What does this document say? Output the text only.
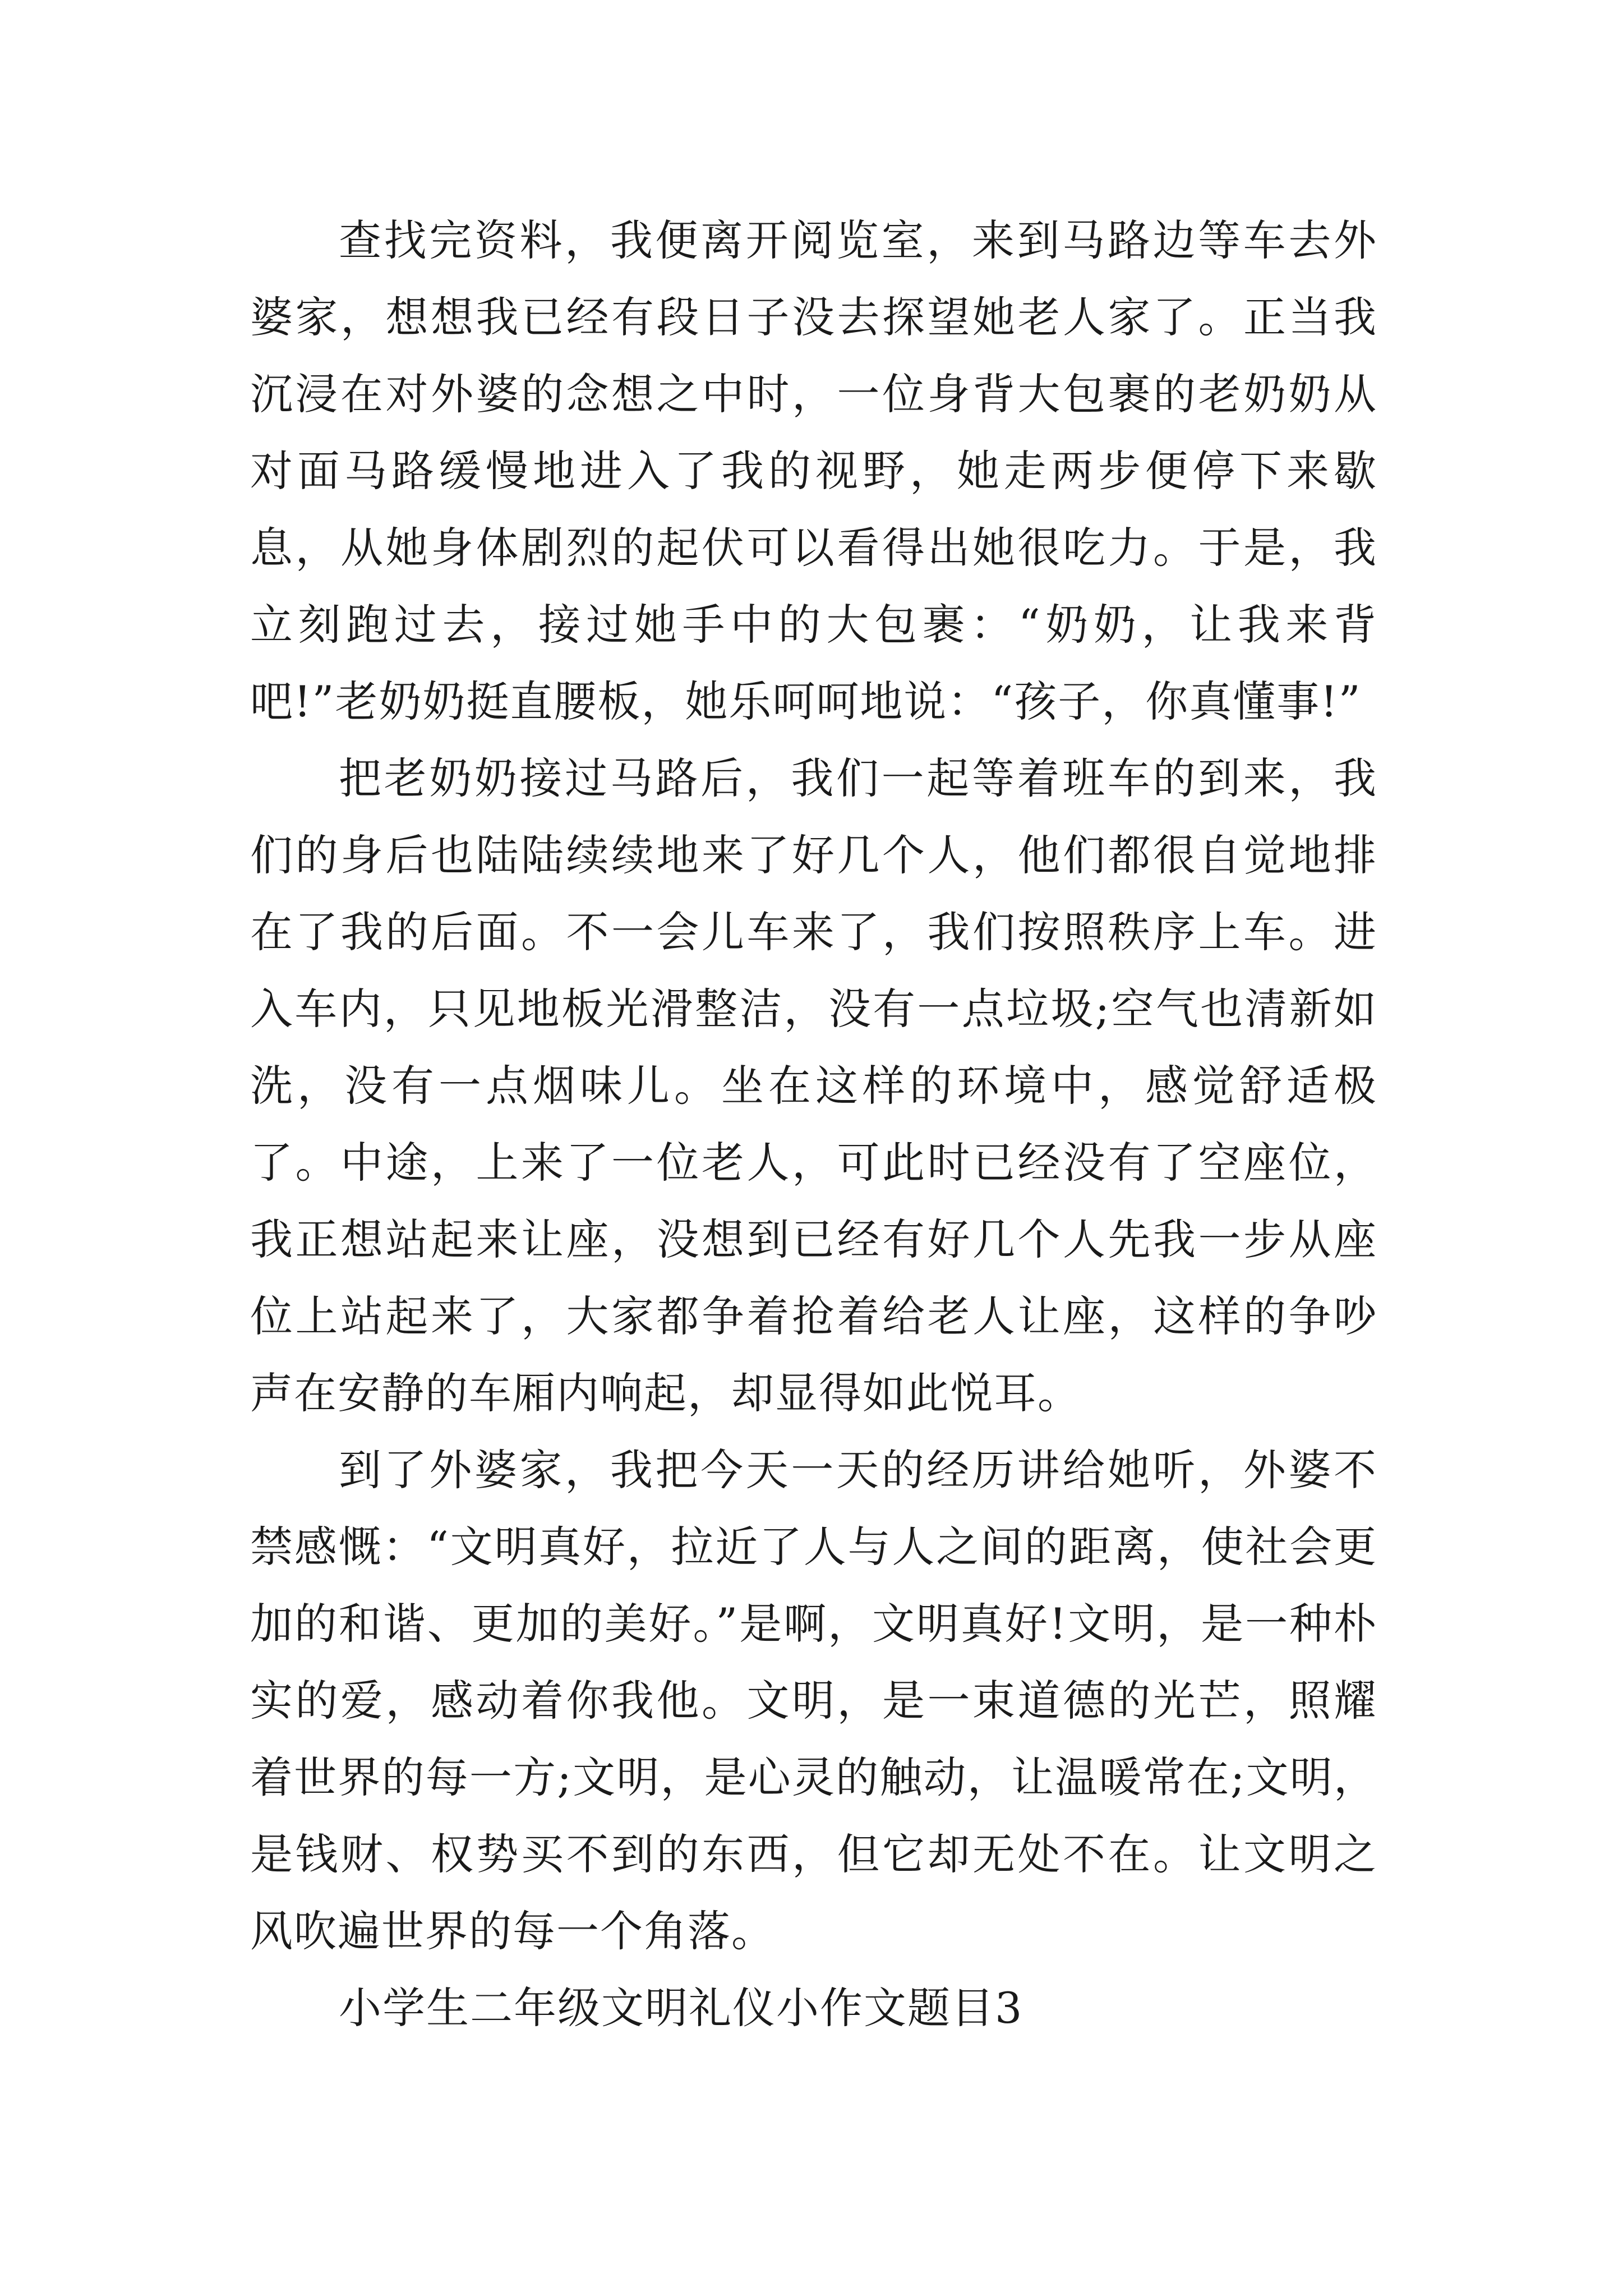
查找完资料，我便离开阅览室，来到马路边等车去外婆家，想想我已经有段日子没去探望她老人家了。正当我沉浸在对外婆的念想之中时，一位身背大包裹的老奶奶从对面马路缓慢地进入了我的视野，她走两步便停下来歇息，从她身体剧烈的起伏可以看得出她很吃力。于是，我立刻跑过去，接过她手中的大包裹：“奶奶，让我来背吧!”老奶奶挺直腰板，她乐呵呵地说：“孩子，你真懂事!”

把老奶奶接过马路后，我们一起等着班车的到来，我们的身后也陆陆续续地来了好几个人，他们都很自觉地排在了我的后面。不一会儿车来了，我们按照秩序上车。进入车内，只见地板光滑整洁，没有一点垃圾;空气也清新如洗，没有一点烟味儿。坐在这样的环境中，感觉舒适极了。中途，上来了一位老人，可此时已经没有了空座位，我正想站起来让座，没想到已经有好几个人先我一步从座位上站起来了，大家都争着抢着给老人让座，这样的争吵声在安静的车厢内响起，却显得如此悦耳。

到了外婆家，我把今天一天的经历讲给她听，外婆不禁感慨：“文明真好，拉近了人与人之间的距离，使社会更加的和谐、更加的美好。”是啊，文明真好!文明，是一种朴实的爱，感动着你我他。文明，是一束道德的光芒，照耀着世界的每一方;文明，是心灵的触动，让温暖常在;文明，是钱财、权势买不到的东西，但它却无处不在。让文明之风吹遍世界的每一个角落。

小学生二年级文明礼仪小作文题目3
